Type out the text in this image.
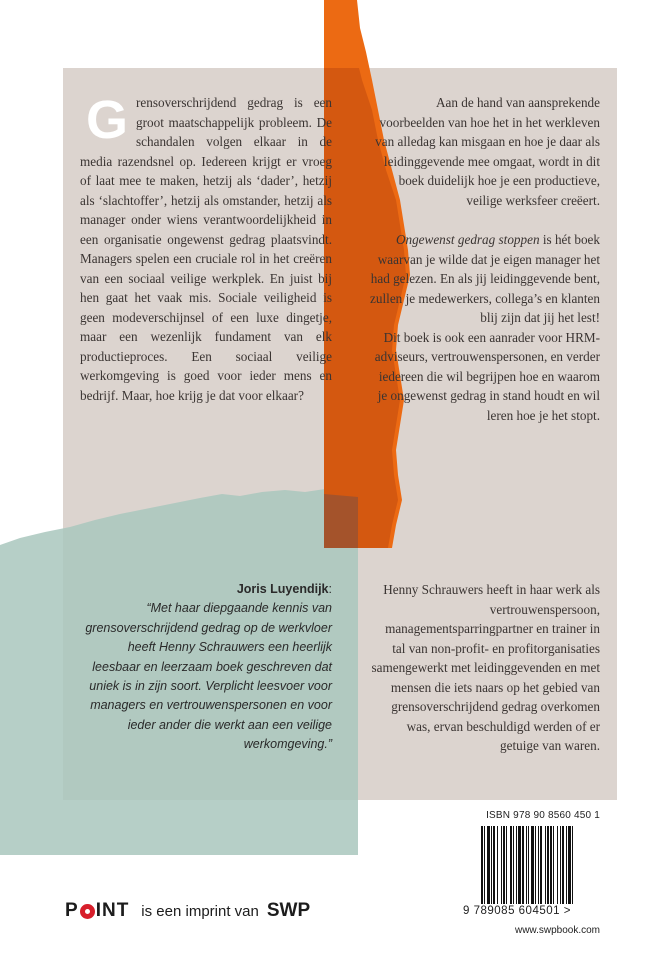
Grensoverschrijdend gedrag is een groot maatschappelijk probleem. De schandalen volgen elkaar in de media razendsnel op. Iedereen krijgt er vroeg of laat mee te maken, hetzij als ‘dader’, hetzij als ‘slachtoffer’, hetzij als omstander, hetzij als manager onder wiens verantwoordelijkheid in een organisatie ongewenst gedrag plaatsvindt. Managers spelen een cruciale rol in het creëren van een sociaal veilige werkplek. En juist bij hen gaat het vaak mis. Sociale veiligheid is geen modeverschijnsel of een luxe dingetje, maar een wezenlijk fundament van elk productieproces. Een sociaal veilige werkomgeving is goed voor ieder mens en bedrijf. Maar, hoe krijg je dat voor elkaar?

Aan de hand van aansprekende voorbeelden van hoe het in het werkleven van alledag kan misgaan en hoe je daar als leidinggevende mee omgaat, wordt in dit boek duidelijk hoe je een productieve, veilige werksfeer creëert.

Ongewenst gedrag stoppen is hét boek waarvan je wilde dat je eigen manager het had gelezen. En als jij leidinggevende bent, zullen je medewerkers, collega’s en klanten blij zijn dat jij het lest!

Dit boek is ook een aanrader voor HRM-adviseurs, vertrouwenspersonen, en verder iedereen die wil begrijpen hoe en waarom je ongewenst gedrag in stand houdt en wil leren hoe je het stopt.

Joris Luyendijk:
“Met haar diepgaande kennis van grensoverschrijdend gedrag op de werkvloer heeft Henny Schrauwers een heerlijk leesbaar en leerzaam boek geschreven dat uniek is in zijn soort. Verplicht leesvoer voor managers en vertrouwenspersonen en voor ieder ander die werkt aan een veilige werkomgeving.”
Henny Schrauwers heeft in haar werk als vertrouwenspersoon, managementsparringpartner en trainer in tal van non-profit- en profitorganisaties samengewerkt met leidinggevenden en met mensen die iets naars op het gebied van grensoverschrijdend gedrag overkomen was, ervan beschuldigd werden of er getuige van waren.
ISBN 978 90 8560 450 1
9 789085 604501 >
www.swpbook.com
P INT is een imprint van SWP
